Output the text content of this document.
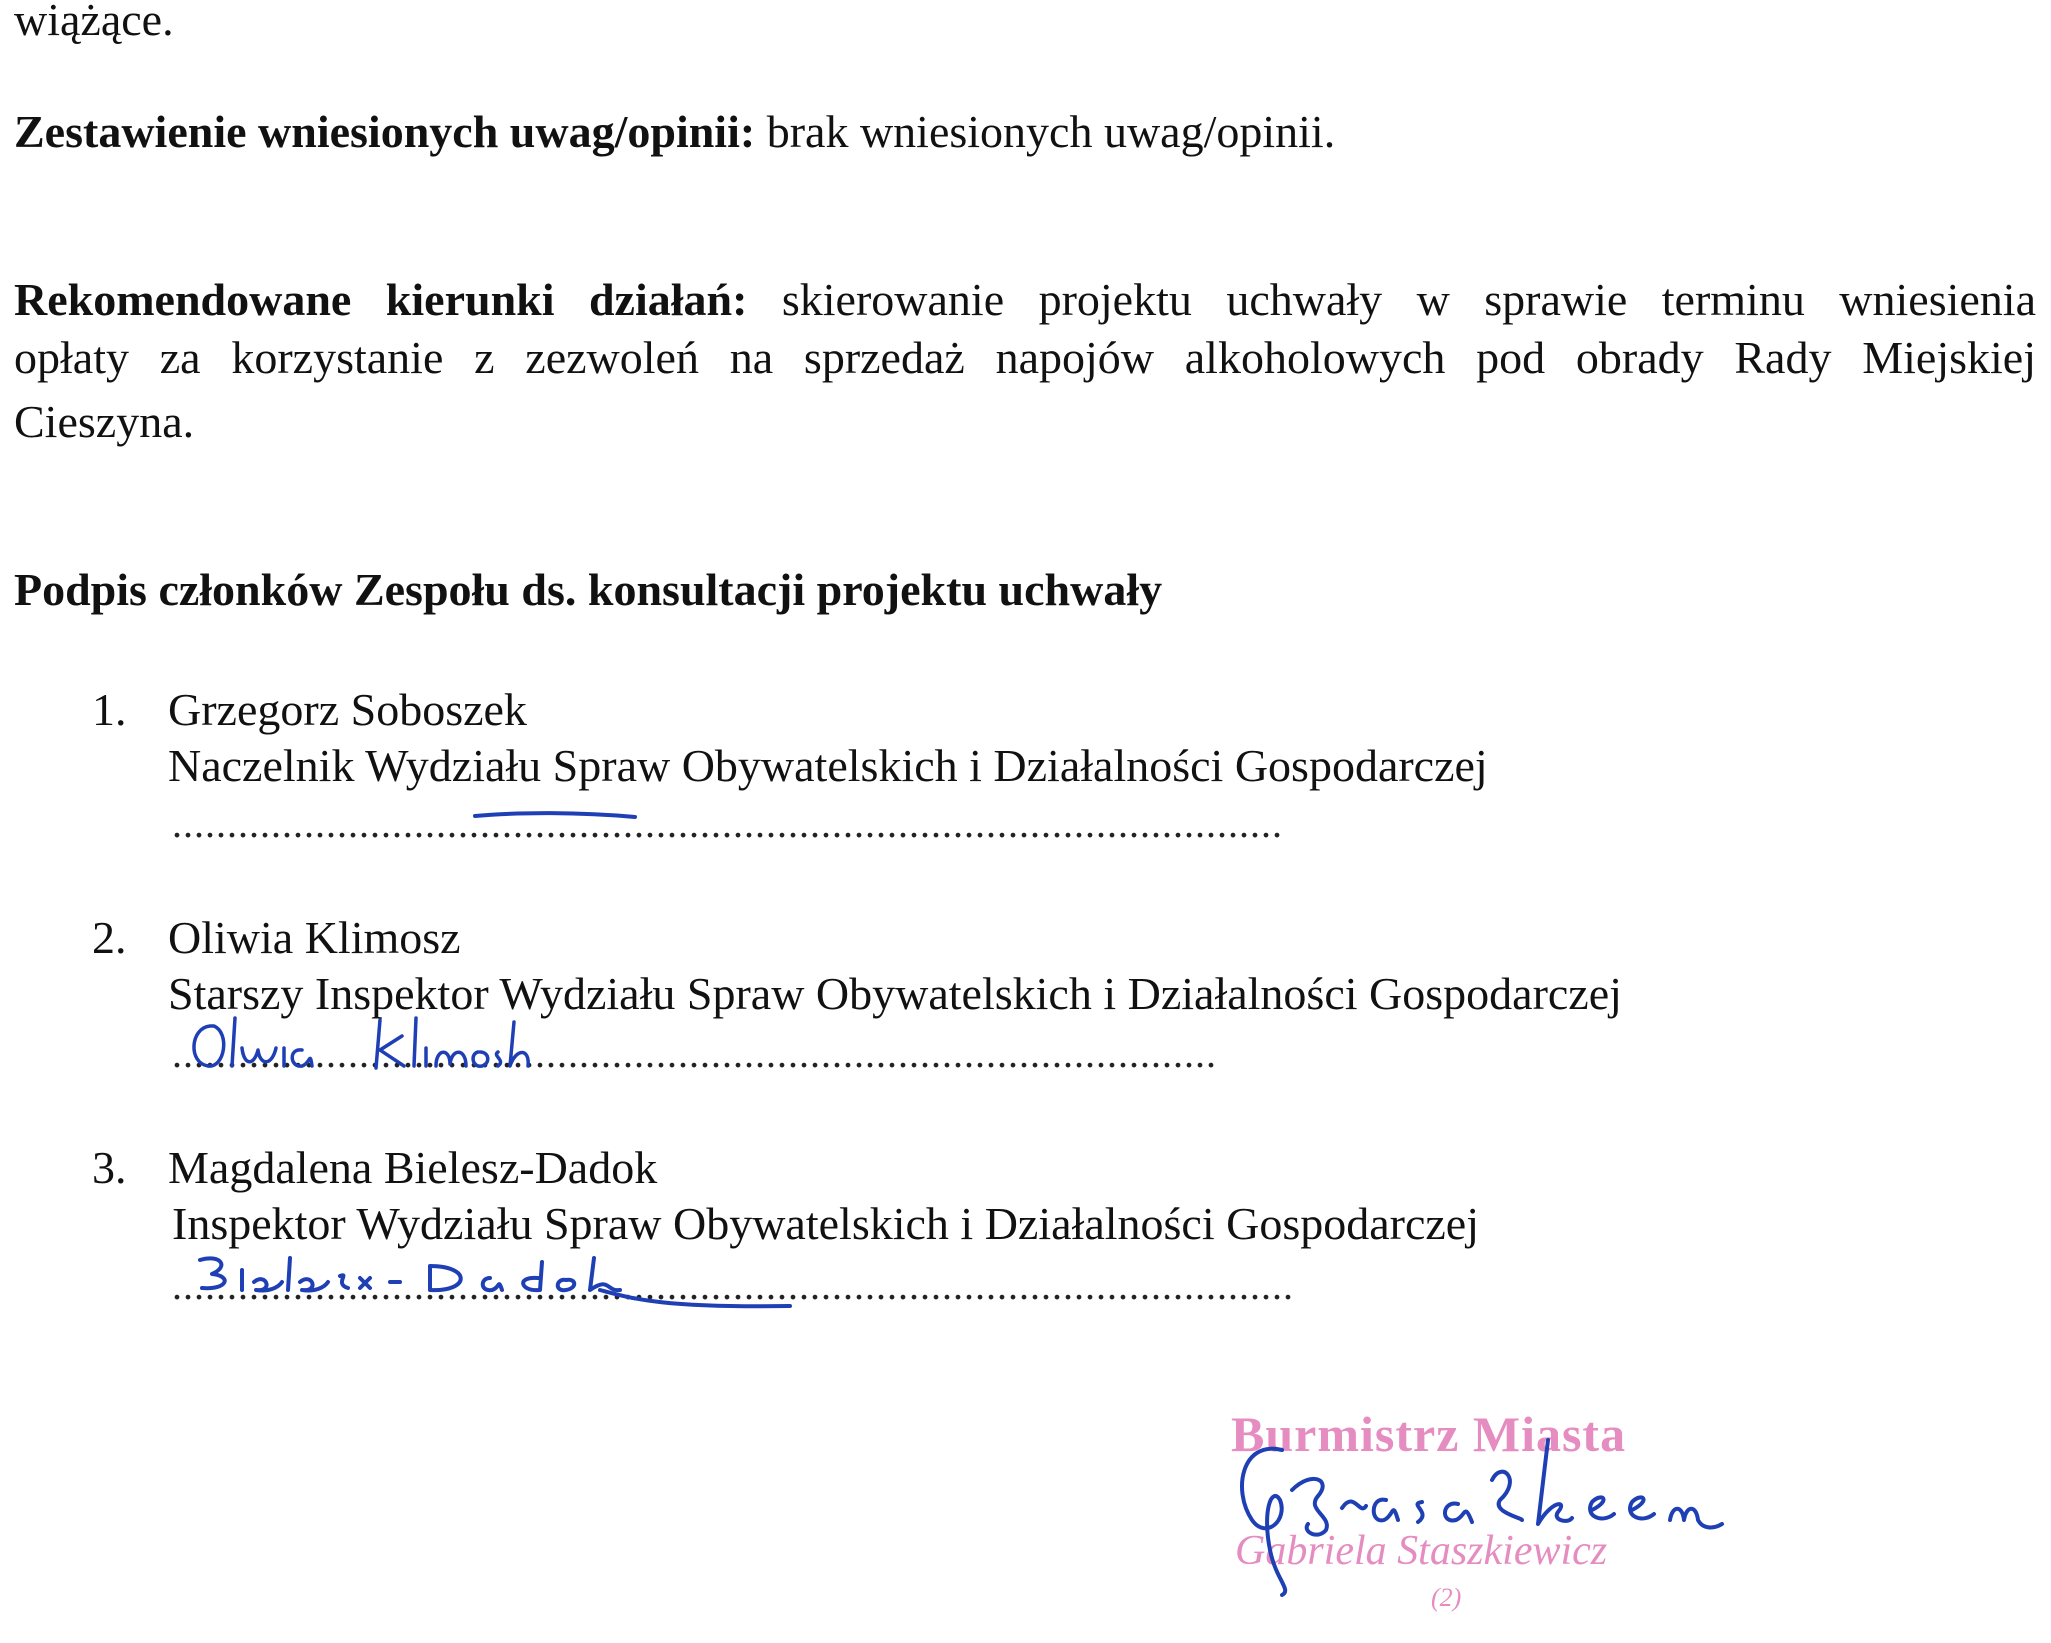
wiążące.
Zestawienie wniesionych uwag/opinii: brak wniesionych uwag/opinii.
Rekomendowane kierunki działań: skierowanie projektu uchwały w sprawie terminu wniesienia
opłaty za korzystanie z zezwoleń na sprzedaż napojów alkoholowych pod obrady Rady Miejskiej
Cieszyna.
Podpis członków Zespołu ds. konsultacji projektu uchwały
1. Grzegorz Soboszek
Naczelnik Wydziału Spraw Obywatelskich i Działalności Gospodarczej
.....................................................................................................
2. Oliwia Klimosz
Starszy Inspektor Wydziału Spraw Obywatelskich i Działalności Gospodarczej
...............................................................................................
3. Magdalena Bielesz-Dadok
Inspektor Wydziału Spraw Obywatelskich i Działalności Gospodarczej
......................................................................................................
Burmistrz Miasta
Gabriela Staszkiewicz
(2)
